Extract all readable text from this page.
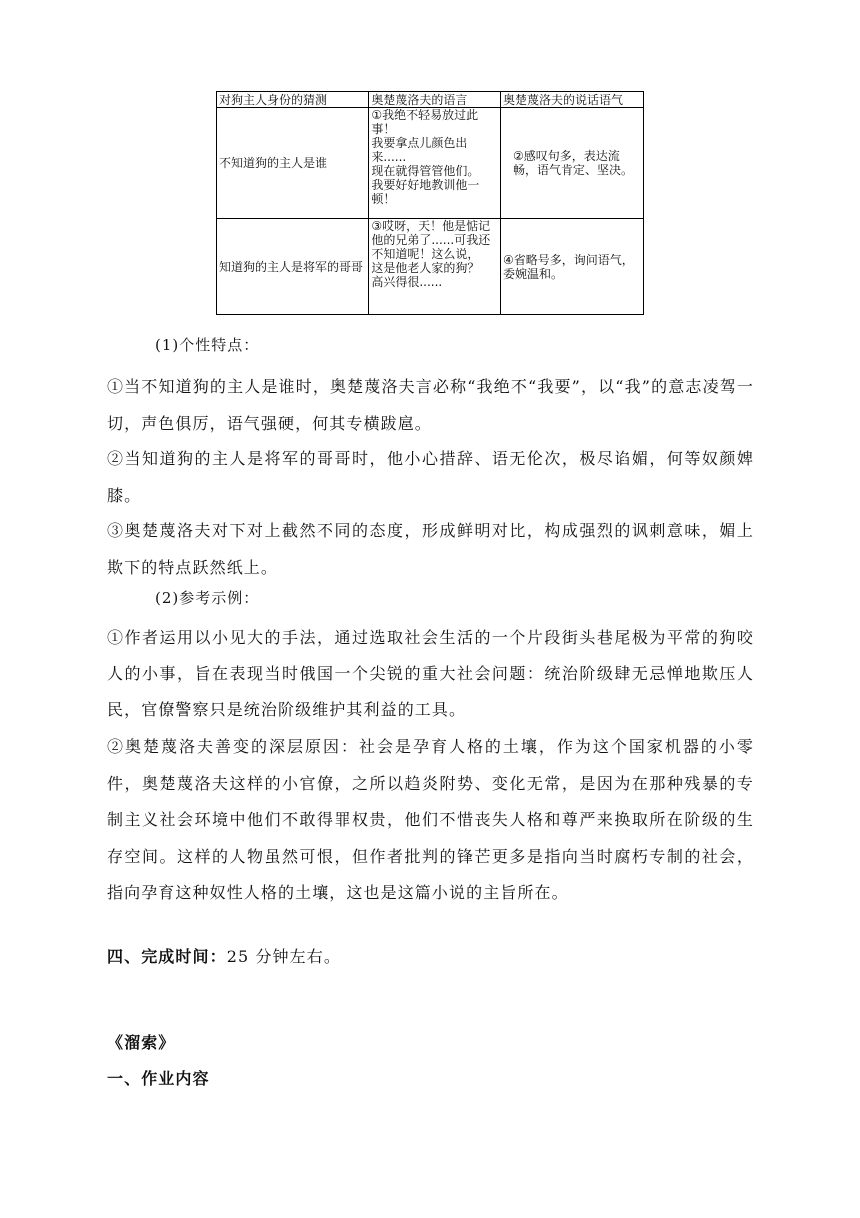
对狗主人身份的猜测	奥楚蔑洛夫的语言	奥楚蔑洛夫的说话语气
不知道狗的主人是谁	①我绝不轻易放过此事！
我要拿点儿颜色出来......
现在就得管管他们。
我要好好地教训他一顿！	②感叹句多，表达流畅，语气肯定、坚决。
知道狗的主人是将军的哥哥	③哎呀，天！他是惦记他的兄弟了......可我还不知道呢！这么说，
这是他老人家的狗？
高兴得很......	④省略号多，询问语气，委婉温和。
(1)个性特点：
①当不知道狗的主人是谁时，奥楚蔑洛夫言必称“我绝不“我要”，以“我”的意志凌驾一切，声色俱厉，语气强硬，何其专横跋扈。
②当知道狗的主人是将军的哥哥时，他小心措辞、语无伦次，极尽谄媚，何等奴颜婢膝。
③奥楚蔑洛夫对下对上截然不同的态度，形成鲜明对比，构成强烈的讽刺意味，媚上欺下的特点跃然纸上。
(2)参考示例：
①作者运用以小见大的手法，通过选取社会生活的一个片段街头巷尾极为平常的狗咬人的小事，旨在表现当时俄国一个尖锐的重大社会问题：统治阶级肆无忌惮地欺压人民，官僚警察只是统治阶级维护其利益的工具。
②奥楚蔑洛夫善变的深层原因：社会是孕育人格的土壤，作为这个国家机器的小零件，奥楚蔑洛夫这样的小官僚，之所以趋炎附势、变化无常，是因为在那种残暴的专制主义社会环境中他们不敢得罪权贵，他们不惜丧失人格和尊严来换取所在阶级的生存空间。这样的人物虽然可恨，但作者批判的锋芒更多是指向当时腐朽专制的社会，指向孕育这种奴性人格的土壤，这也是这篇小说的主旨所在。
四、完成时间：25 分钟左右。
《溜索》
一、作业内容
